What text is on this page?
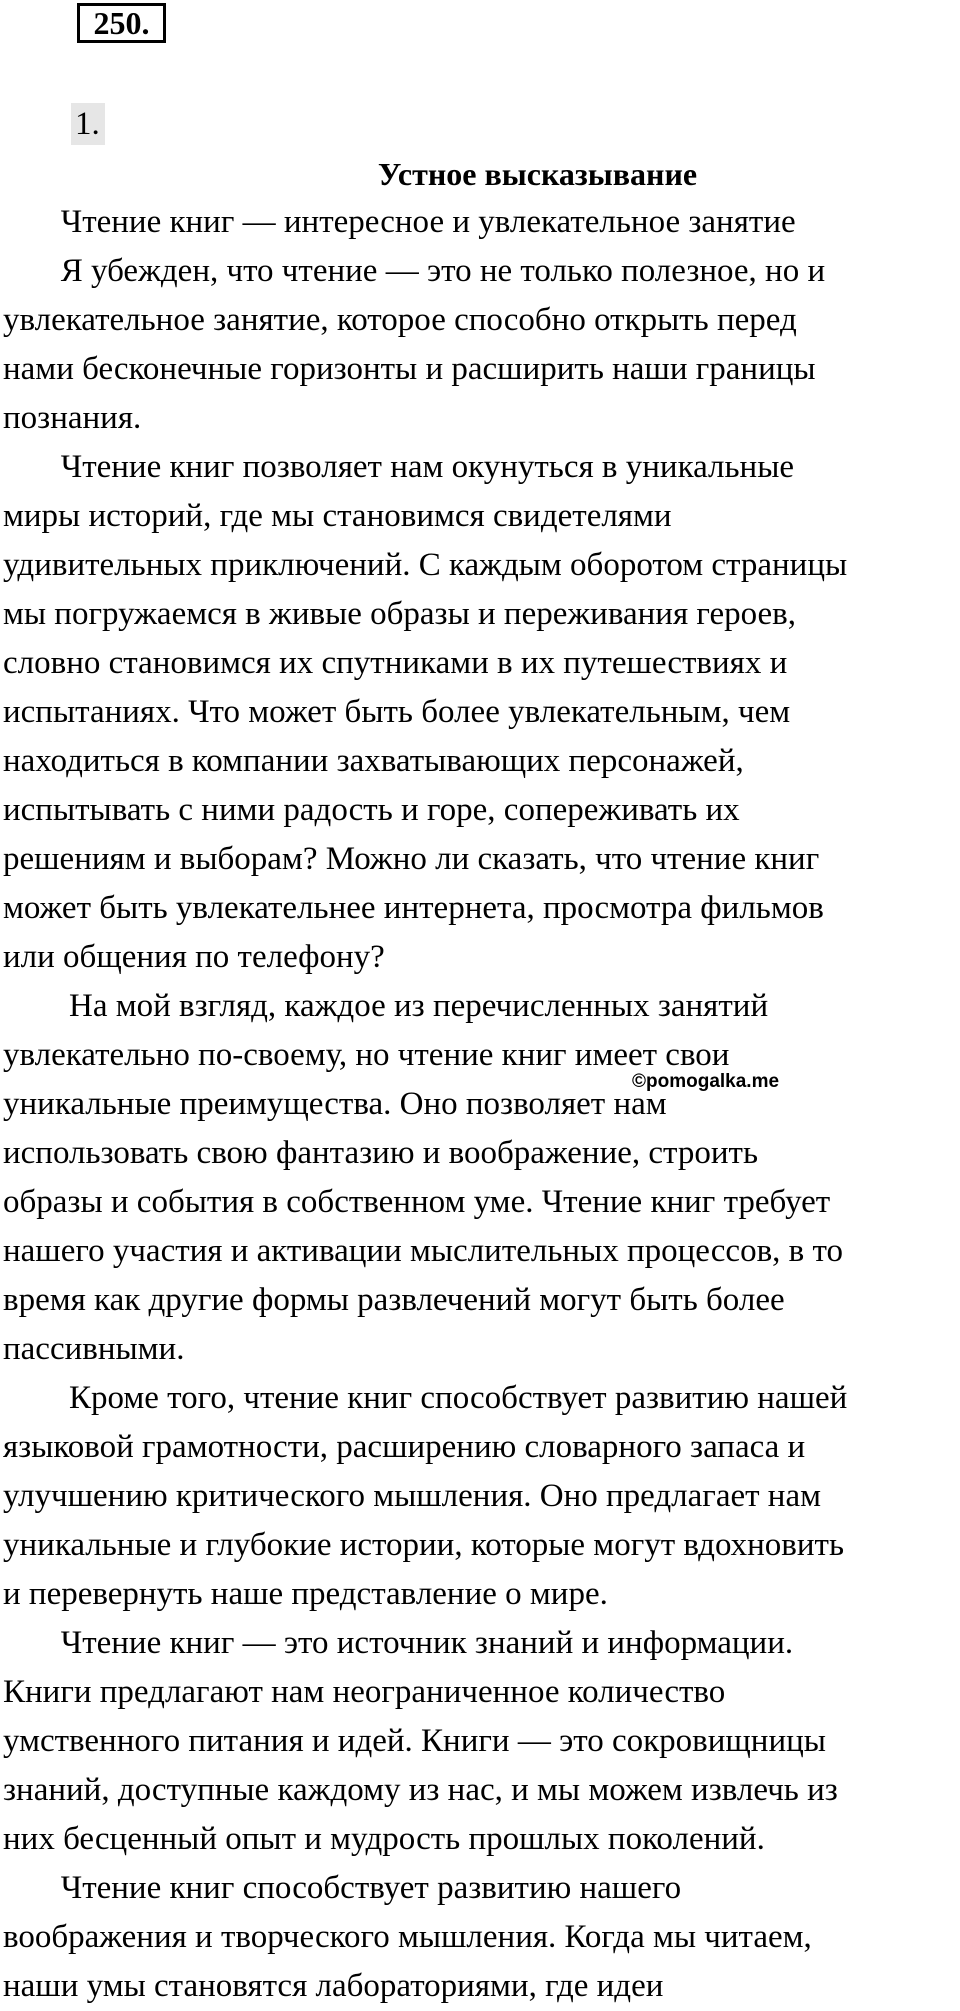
250.
1.
Устное высказывание
Чтение книг — интересное и увлекательное занятие
Я убежден, что чтение — это не только полезное, но и
увлекательное занятие, которое способно открыть перед
нами бесконечные горизонты и расширить наши границы
познания.
Чтение книг позволяет нам окунуться в уникальные
миры историй, где мы становимся свидетелями
удивительных приключений. С каждым оборотом страницы
мы погружаемся в живые образы и переживания героев,
словно становимся их спутниками в их путешествиях и
испытаниях. Что может быть более увлекательным, чем
находиться в компании захватывающих персонажей,
испытывать с ними радость и горе, сопереживать их
решениям и выборам? Можно ли сказать, что чтение книг
может быть увлекательнее интернета, просмотра фильмов
или общения по телефону?
На мой взгляд, каждое из перечисленных занятий
увлекательно по-своему, но чтение книг имеет свои
уникальные преимущества. Оно позволяет нам
использовать свою фантазию и воображение, строить
образы и события в собственном уме. Чтение книг требует
нашего участия и активации мыслительных процессов, в то
время как другие формы развлечений могут быть более
пассивными.
Кроме того, чтение книг способствует развитию нашей
языковой грамотности, расширению словарного запаса и
улучшению критического мышления. Оно предлагает нам
уникальные и глубокие истории, которые могут вдохновить
и перевернуть наше представление о мире.
Чтение книг — это источник знаний и информации.
Книги предлагают нам неограниченное количество
умственного питания и идей. Книги — это сокровищницы
знаний, доступные каждому из нас, и мы можем извлечь из
них бесценный опыт и мудрость прошлых поколений.
Чтение книг способствует развитию нашего
воображения и творческого мышления. Когда мы читаем,
наши умы становятся лабораториями, где идеи
©pomogalka.me
